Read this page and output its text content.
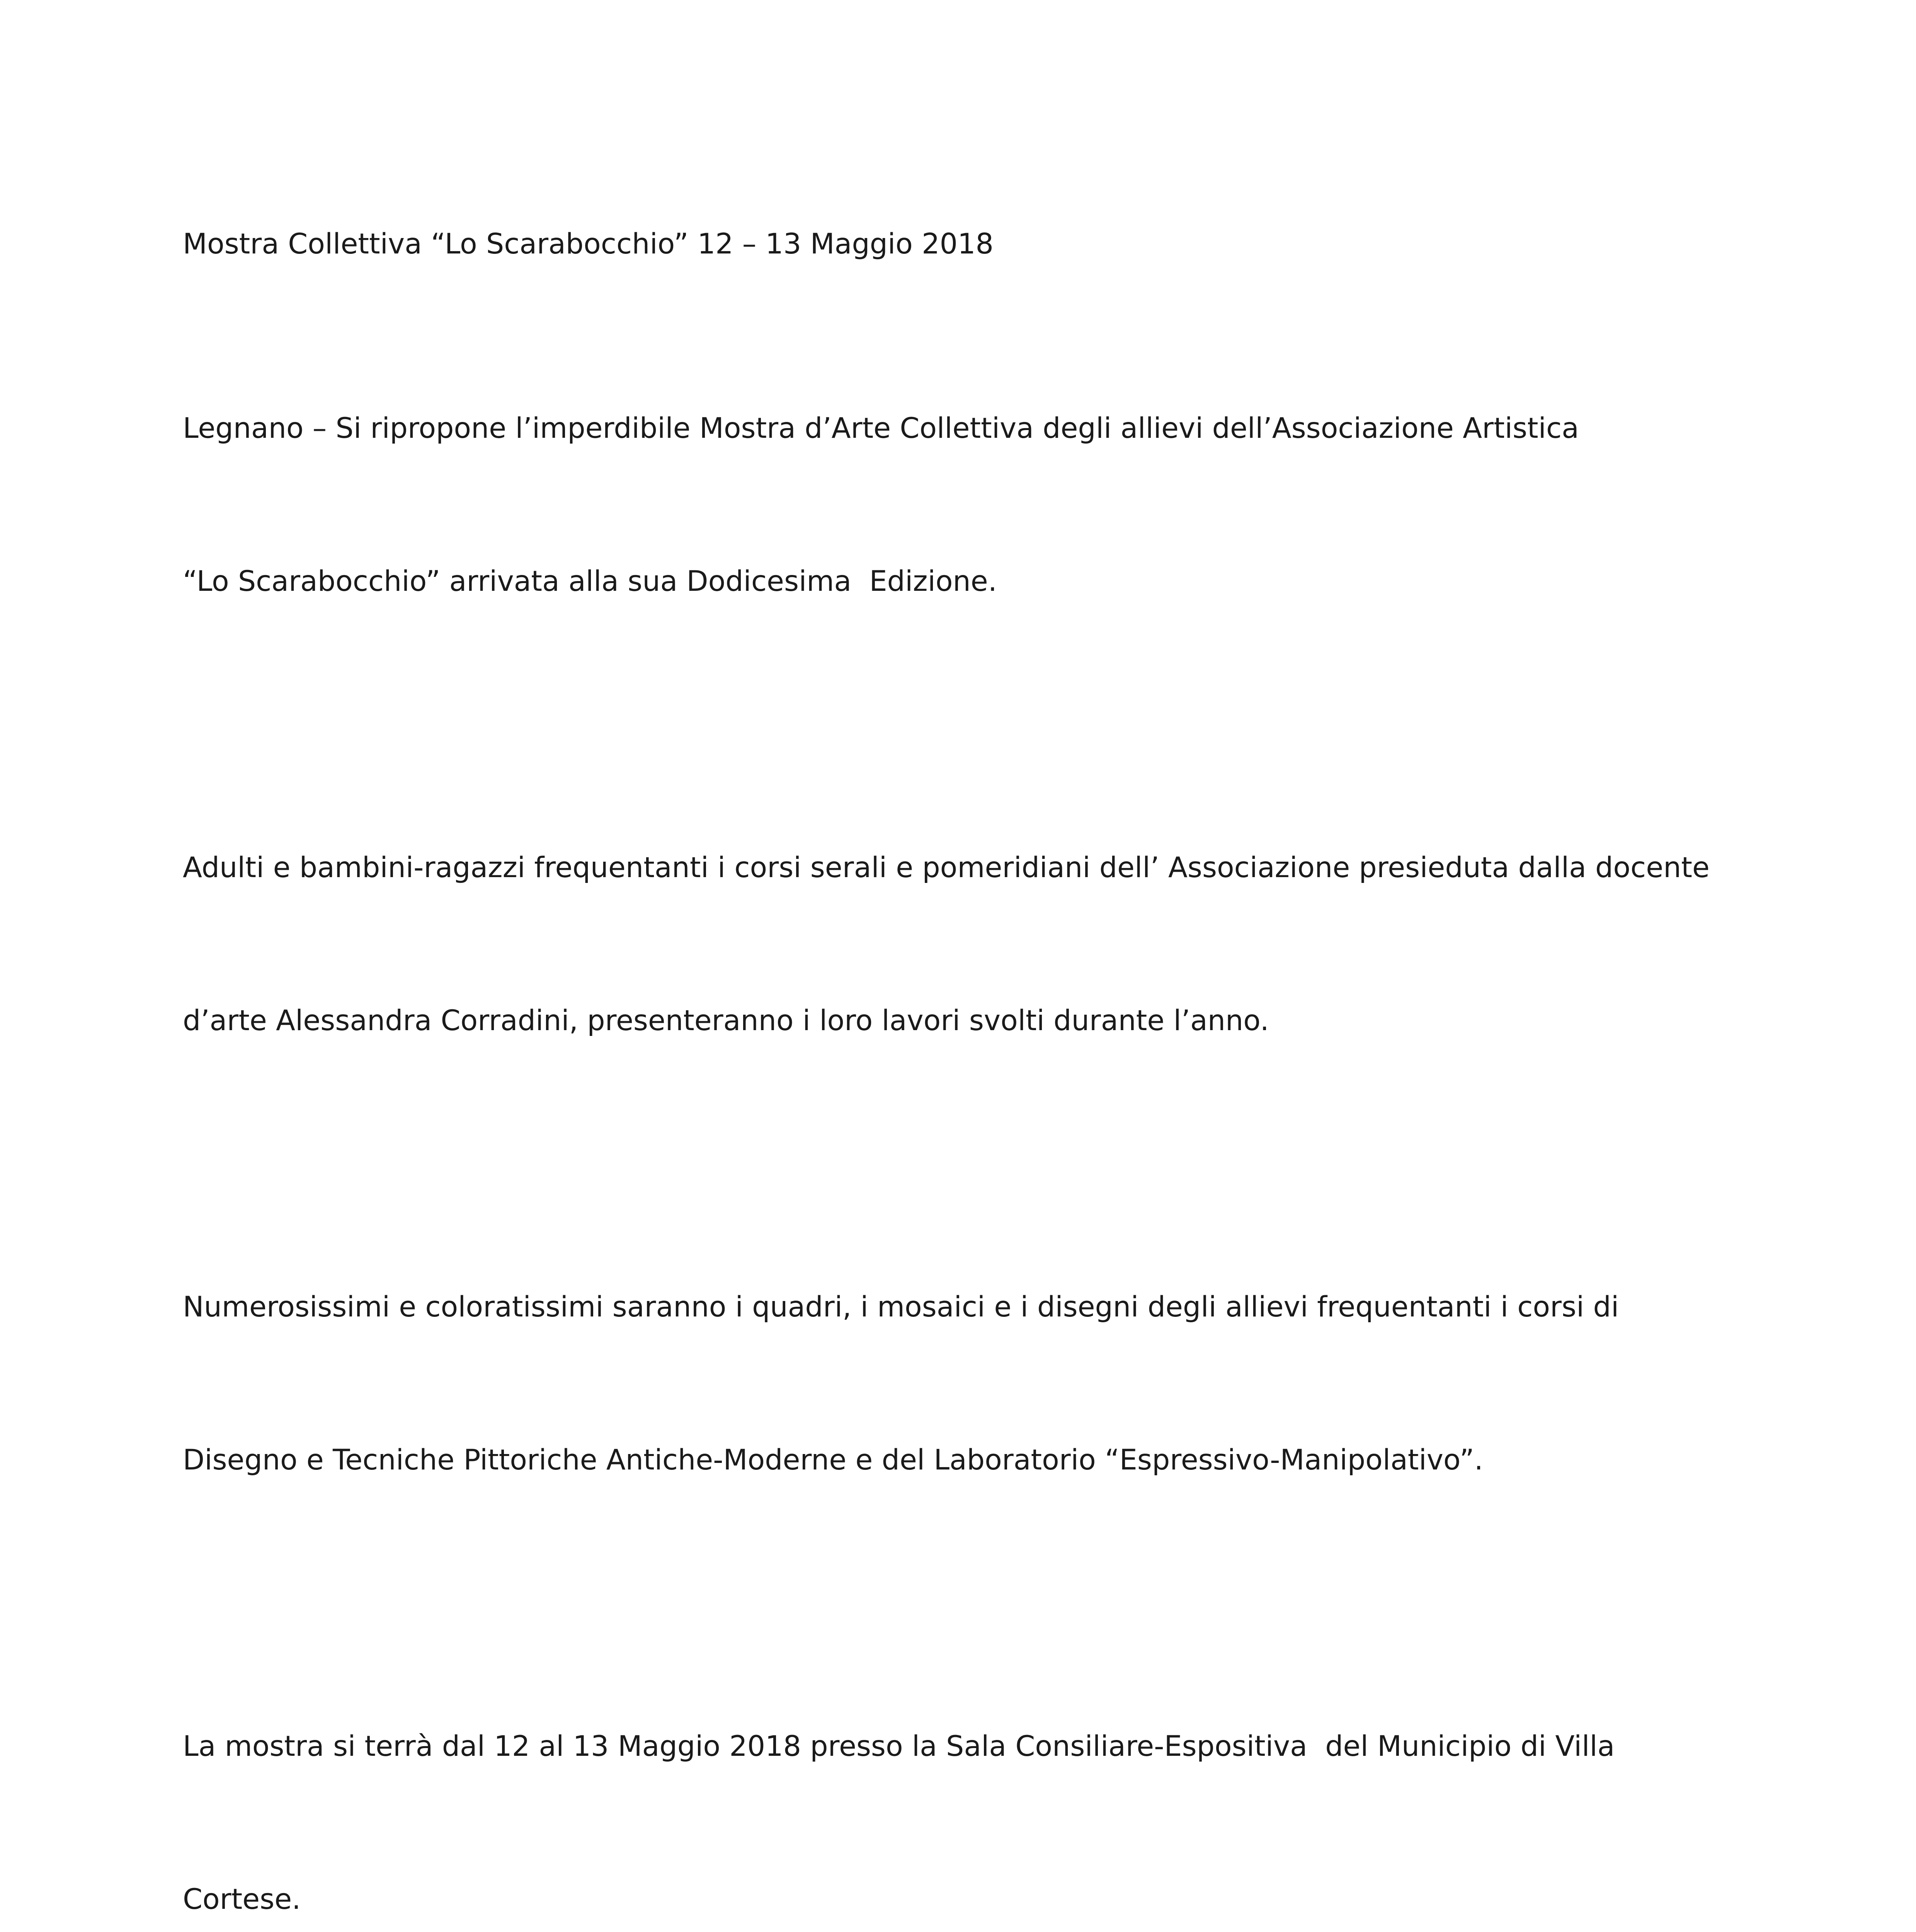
Mostra Collettiva “Lo Scarabocchio” 12 – 13 Maggio 2018

Legnano – Si ripropone l’imperdibile Mostra d’Arte Collettiva degli allievi dell’Associazione Artistica

“Lo Scarabocchio” arrivata alla sua Dodicesima  Edizione.

Adulti e bambini-ragazzi frequentanti i corsi serali e pomeridiani dell’ Associazione presieduta dalla docente

d’arte Alessandra Corradini, presenteranno i loro lavori svolti durante l’anno.

Numerosissimi e coloratissimi saranno i quadri, i mosaici e i disegni degli allievi frequentanti i corsi di

Disegno e Tecniche Pittoriche Antiche-Moderne e del Laboratorio “Espressivo-Manipolativo”.

La mostra si terrà dal 12 al 13 Maggio 2018 presso la Sala Consiliare-Espositiva  del Municipio di Villa

Cortese.
